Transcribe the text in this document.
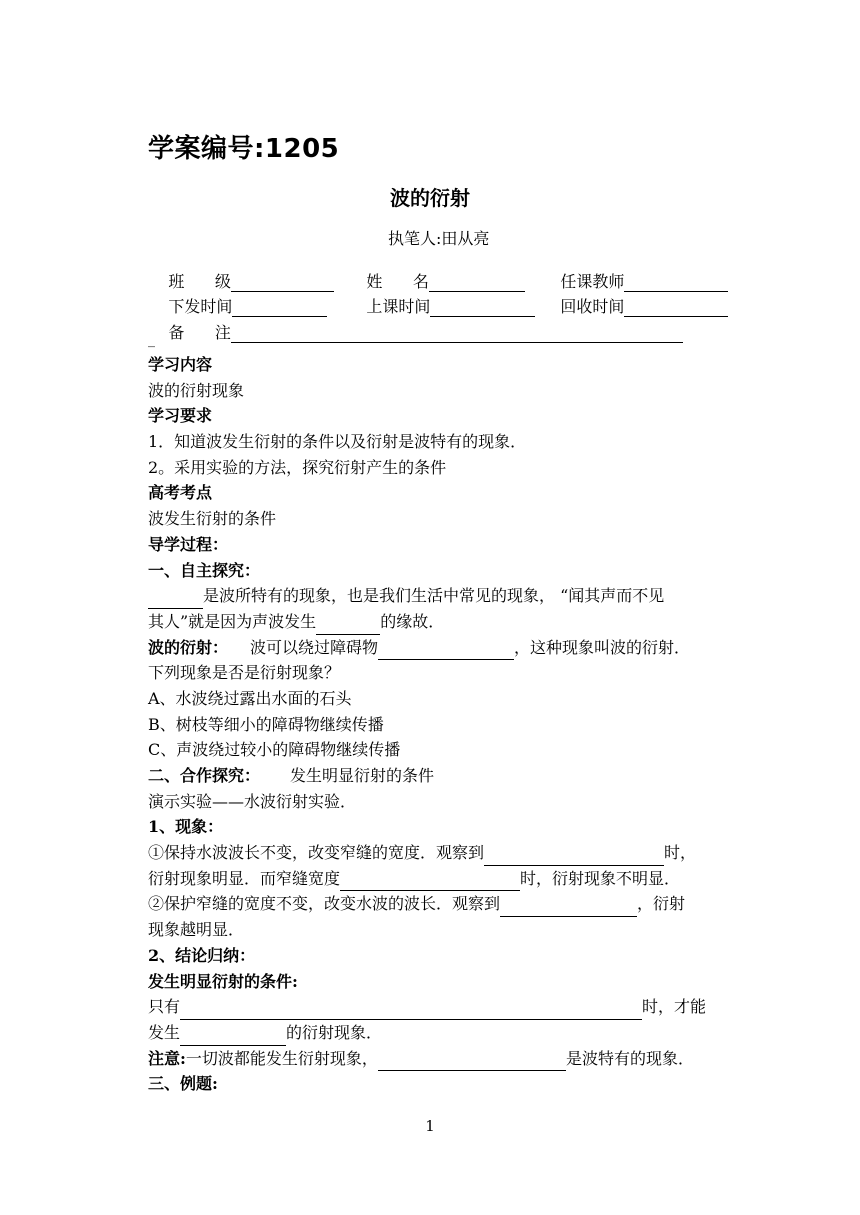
学案编号:1205
波的衍射
执笔人:田从亮

班      级
	姓      名
	任课教师

下发时间
	上课时间
	回收时间

备      注

_
学习内容
波的衍射现象
学习要求
1．知道波发生衍射的条件以及衍射是波特有的现象．
2。采用实验的方法，探究衍射产生的条件
高考考点
波发生衍射的条件
导学过程：
一、自主探究：
是波所特有的现象，也是我们生活中常见的现象， “闻其声而不见
其人”就是因为声波发生	的缘故．
波的衍射： 波可以绕过障碍物	，这种现象叫波的衍射．
下列现象是否是衍射现象？
A、水波绕过露出水面的石头
B、树枝等细小的障碍物继续传播
C、声波绕过较小的障碍物继续传播
二、合作探究： 发生明显衍射的条件
演示实验——水波衍射实验．
1、现象：
①保持水波波长不变，改变窄缝的宽度．观察到	时，
衍射现象明显．而窄缝宽度	时，衍射现象不明显．
②保护窄缝的宽度不变，改变水波的波长．观察到	，衍射
现象越明显．
2、结论归纳：
发生明显衍射的条件:
只有	时，才能
发生	的衍射现象．
注意:一切波都能发生衍射现象，	是波特有的现象．
三、例题:
1
